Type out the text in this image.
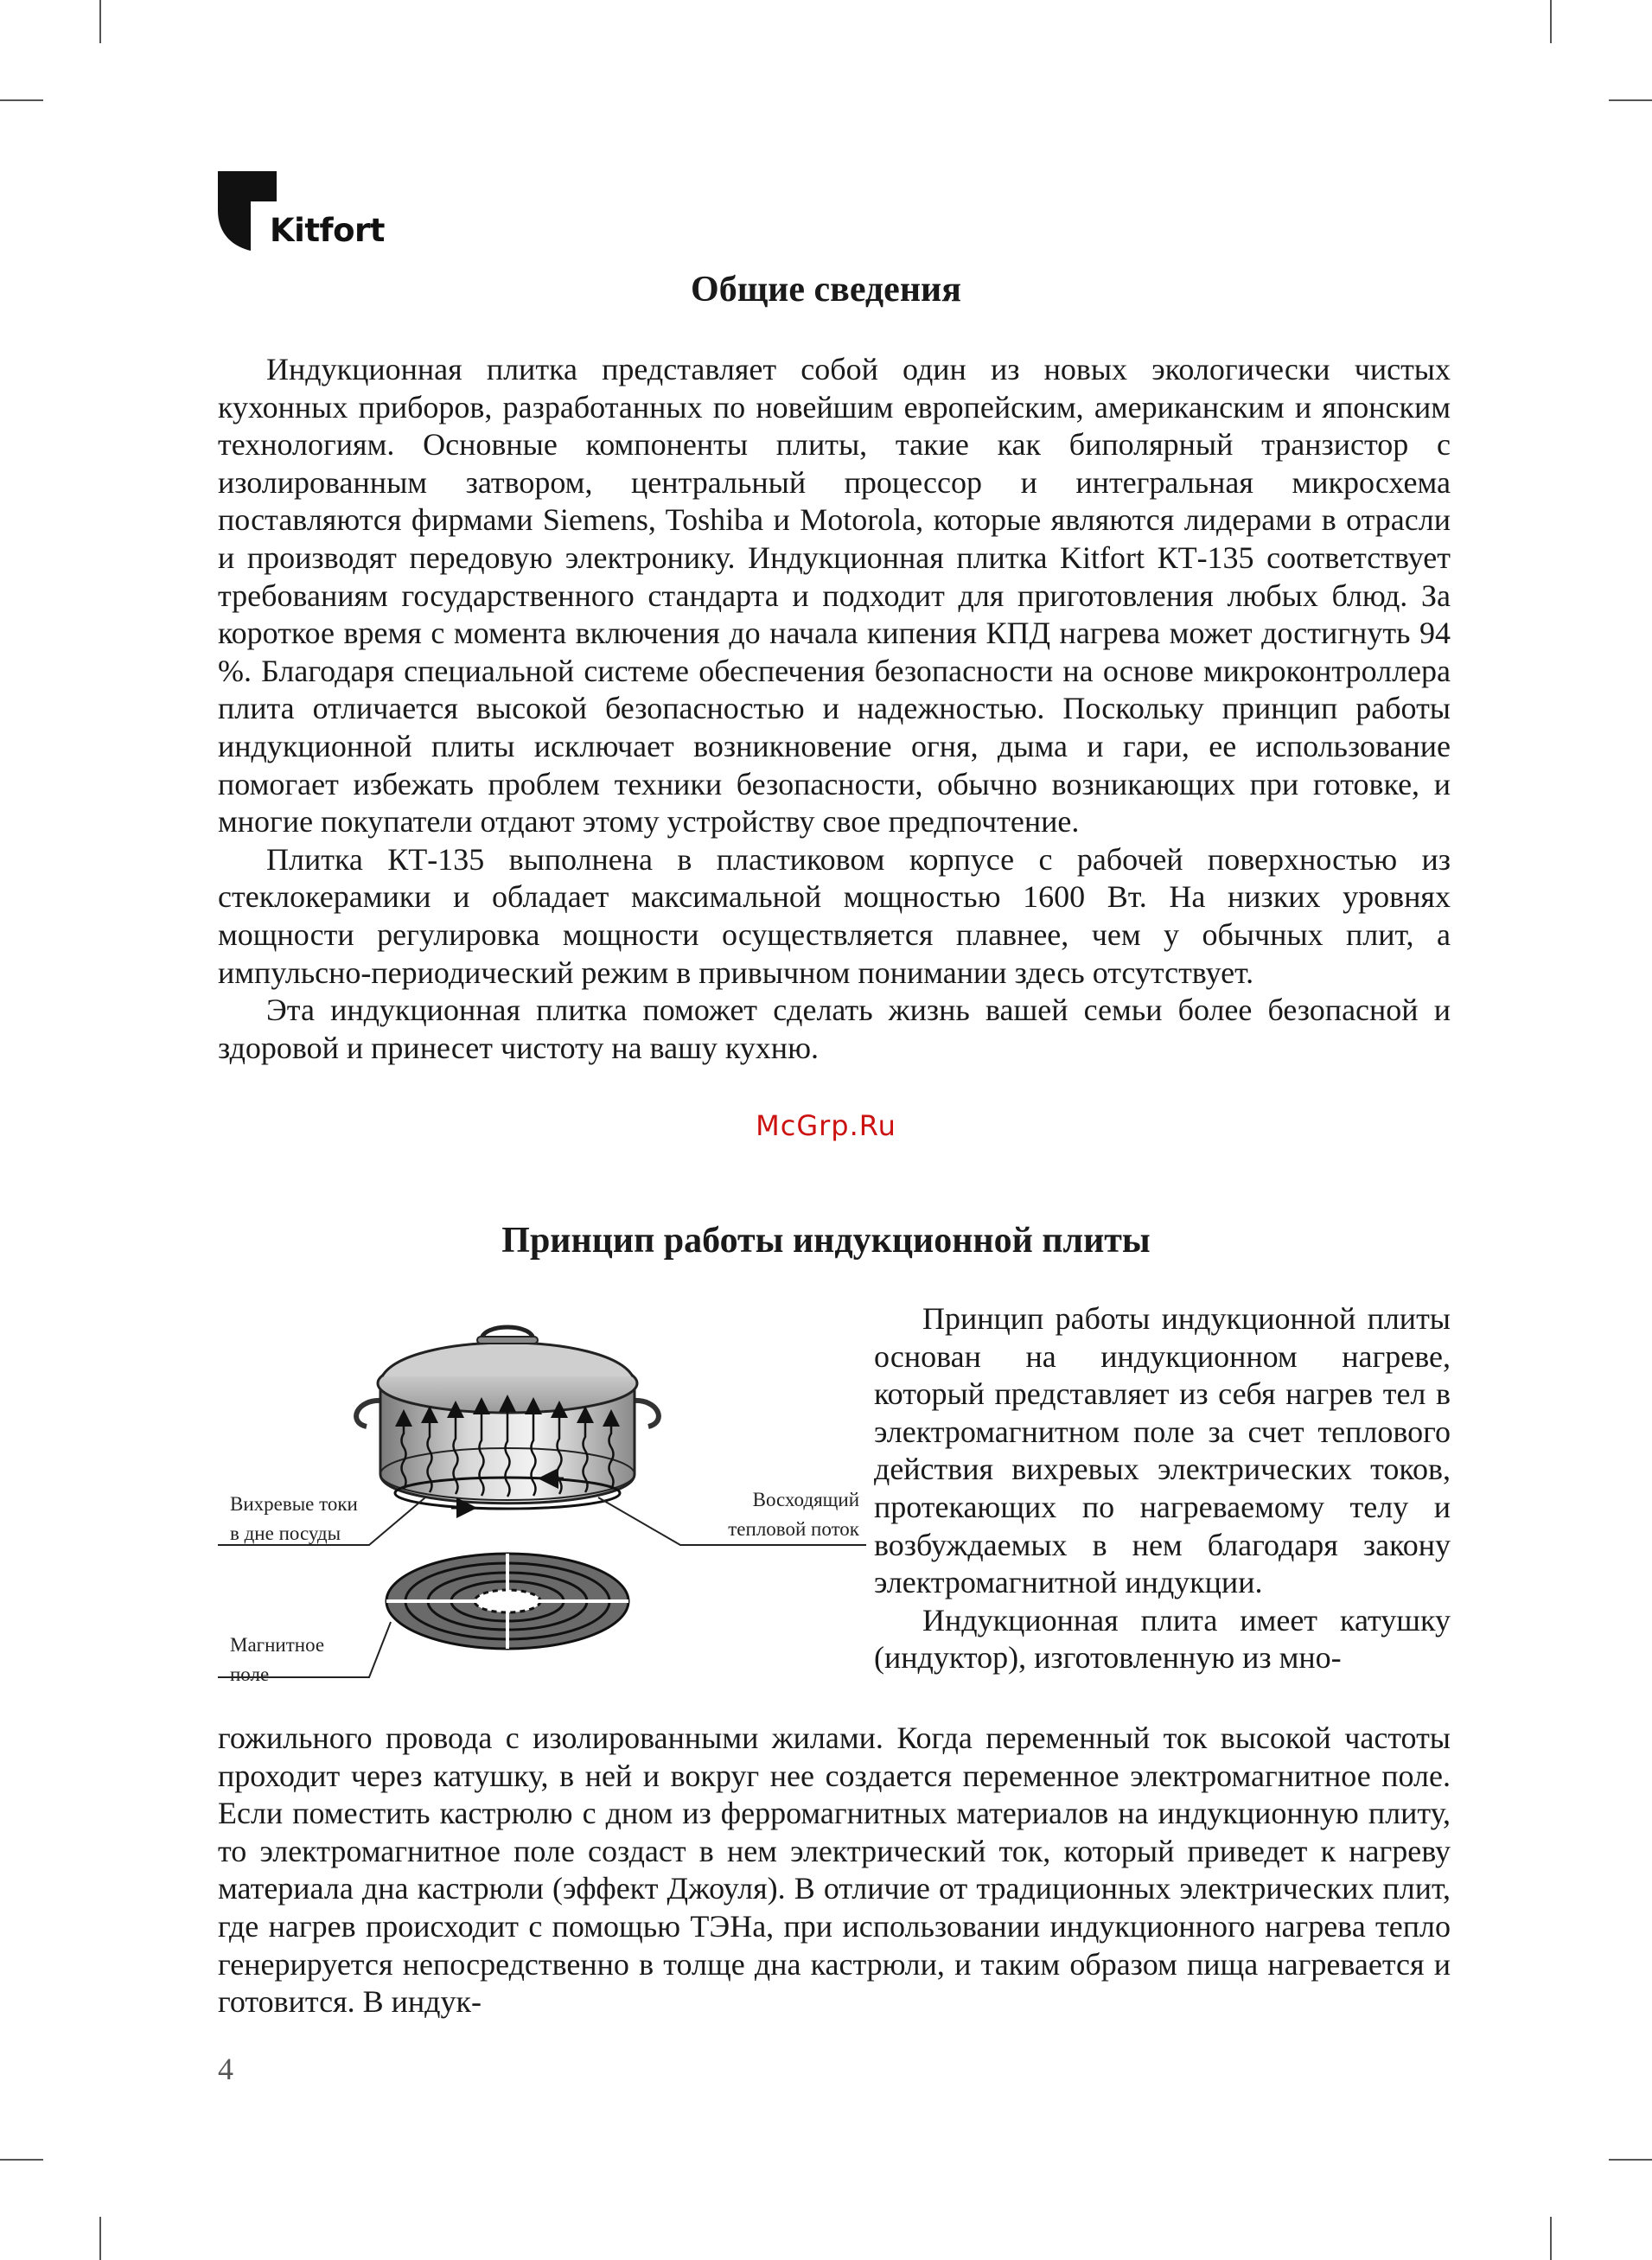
Kitfort
Общие сведения

Индукционная плитка представляет собой один из новых экологически чистых кухонных приборов, разработанных по новейшим европейским, американским и японским технологиям. Основные компоненты плиты, такие как биполярный транзистор с изолированным затвором, центральный процессор и интегральная микросхема поставляются фирмами Siemens, Toshiba и Motorola, которые являются лидерами в отрасли и производят передовую электронику. Индукционная плитка Kitfort КТ-135 соответствует требованиям государственного стандарта и подходит для приготовления любых блюд. За короткое время с момента включения до начала кипения КПД нагрева может достигнуть 94 %. Благодаря специальной системе обеспечения безопасности на основе микроконтроллера плита отличается высокой безопасностью и надежностью. Поскольку принцип работы индукционной плиты исключает возникновение огня, дыма и гари, ее использование помогает избежать проблем техники безопасности, обычно возникающих при готовке, и многие покупатели отдают этому устройству свое предпочтение.

Плитка КТ-135 выполнена в пластиковом корпусе с рабочей поверхностью из стеклокерамики и обладает максимальной мощностью 1600 Вт. На низких уровнях мощности регулировка мощности осуществляется плавнее, чем у обычных плит, а импульсно-периодический режим в привычном понимании здесь отсутствует.

Эта индукционная плитка поможет сделать жизнь вашей семьи более безопасной и здоровой и принесет чистоту на вашу кухню.

McGrp.Ru
Принцип работы индукционной плиты
Вихревые токи
в дне посуды
Восходящий
тепловой поток
Магнитное
поле

Принцип работы индукционной плиты основан на индукционном нагреве, который представляет из себя нагрев тел в электромагнитном поле за счет теплового действия вихревых электрических токов, протекающих по нагреваемому телу и возбуждаемых в нем благодаря закону электромагнитной индукции.

Индукционная плита имеет катушку (индуктор), изготовленную из мно-

гожильного провода с изолированными жилами. Когда переменный ток высокой частоты проходит через катушку, в ней и вокруг нее создается переменное электромагнитное поле. Если поместить кастрюлю с дном из ферромагнитных материалов на индукционную плиту, то электромагнитное поле создаст в нем электрический ток, который приведет к нагреву материала дна кастрюли (эффект Джоуля). В отличие от традиционных электрических плит, где нагрев происходит с помощью ТЭНа, при использовании индукционного нагрева тепло генерируется непосредственно в толще дна кастрюли, и таким образом пища нагревается и готовится. В индук-

4
